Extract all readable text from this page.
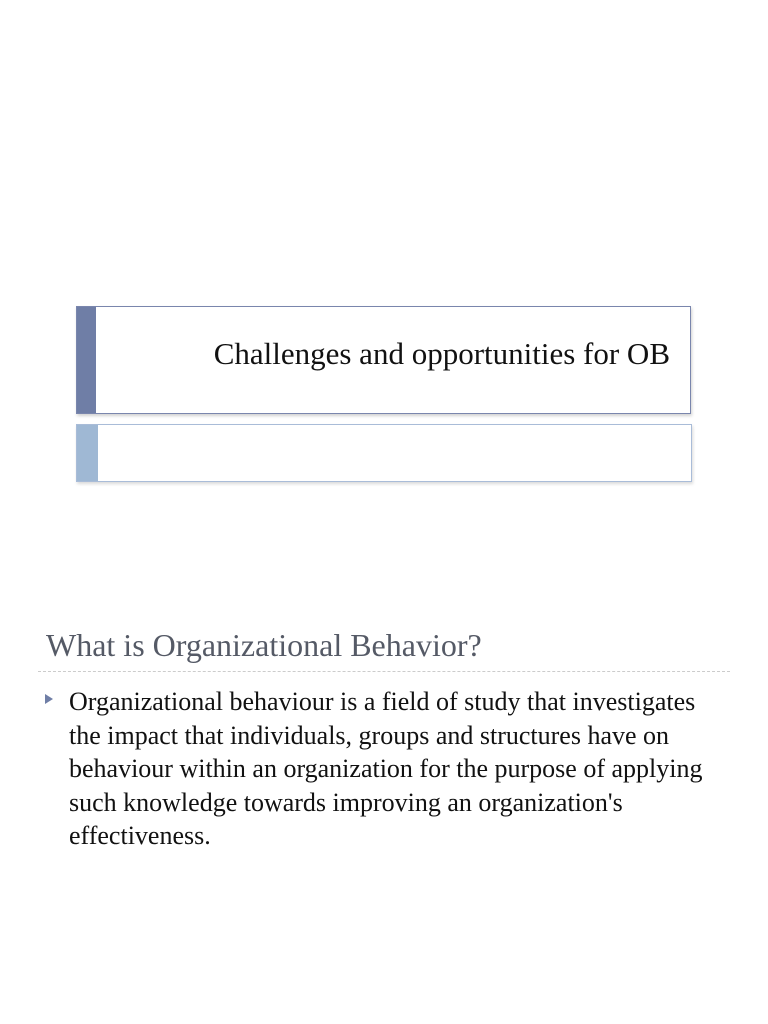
Challenges and opportunities for OB
What is Organizational Behavior?
Organizational behaviour is a field of study that investigates the impact that individuals, groups and structures have on behaviour within an organization for the purpose of applying such knowledge towards improving an organization's effectiveness.
